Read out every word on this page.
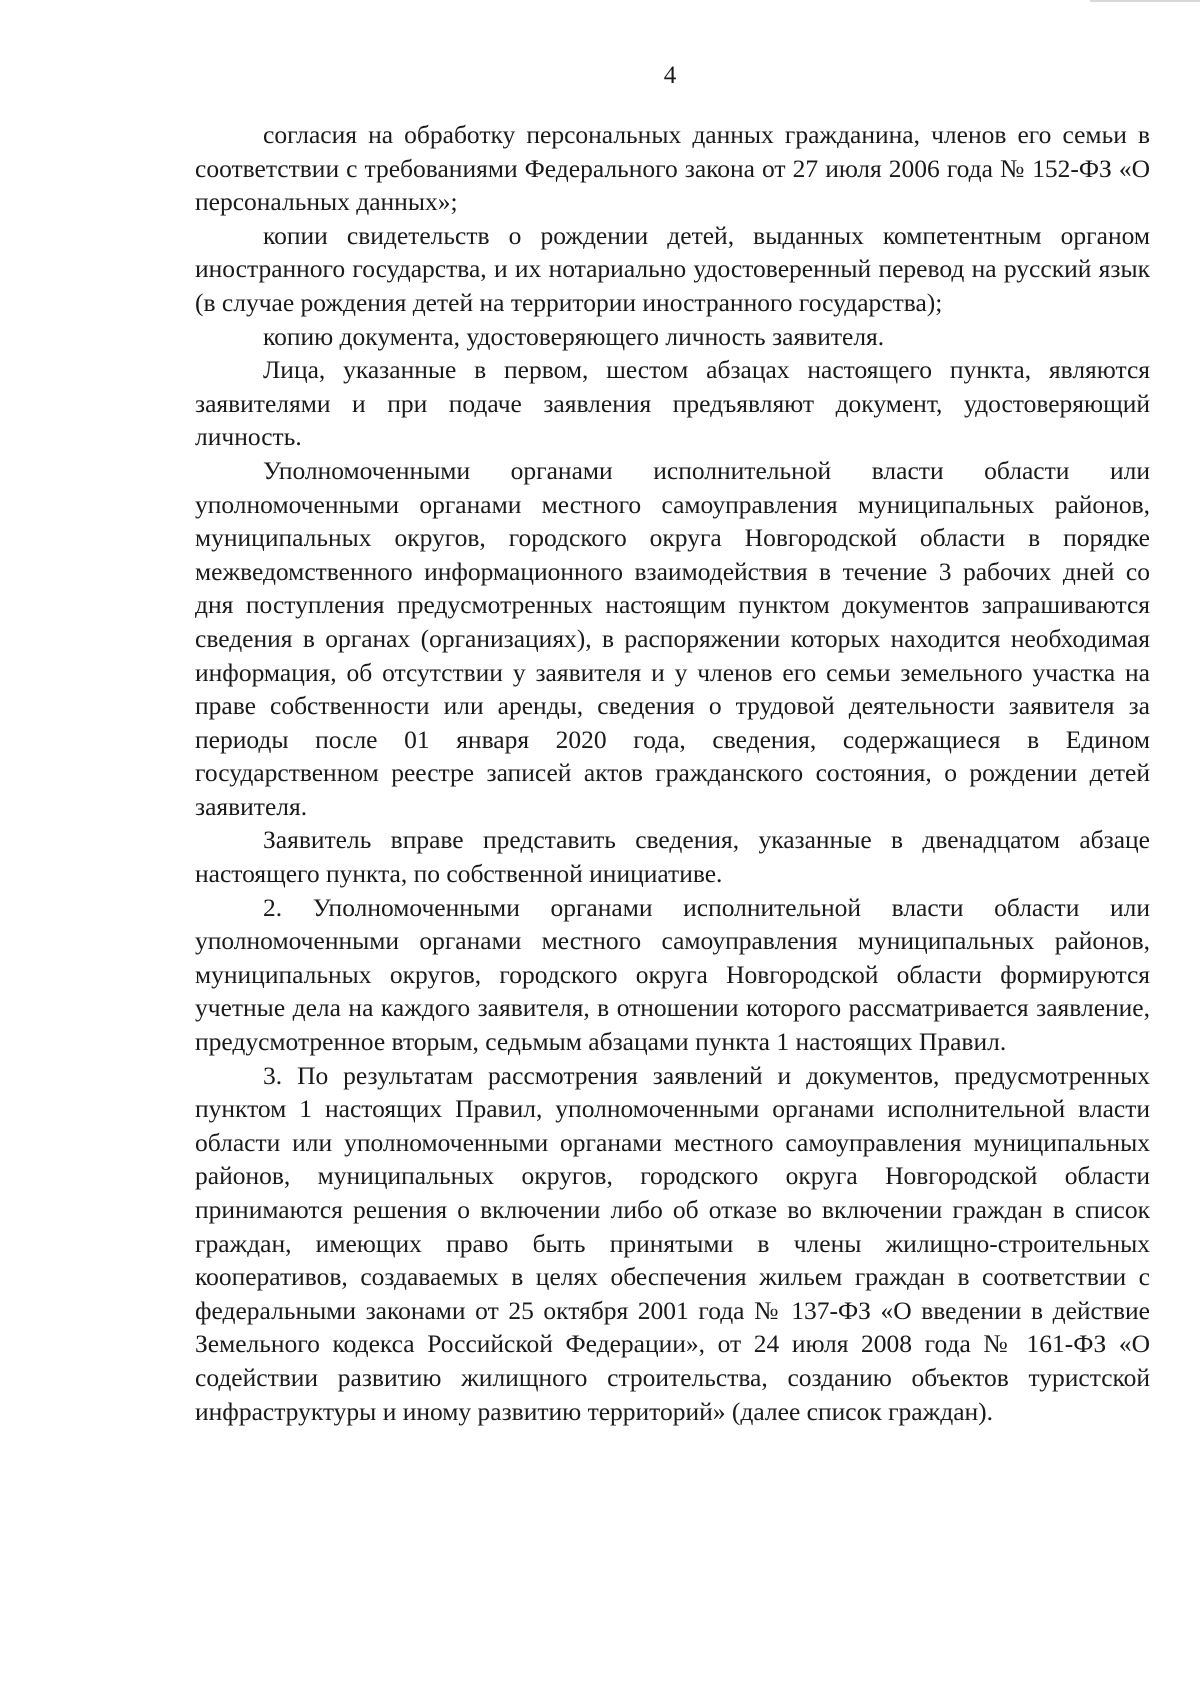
4

согласия на обработку персональных данных гражданина, членов его семьи в соответствии с требованиями Федерального закона от 27 июля 2006 года № 152-ФЗ «О персональных данных»;

копии свидетельств о рождении детей, выданных компетентным органом иностранного государства, и их нотариально удостоверенный перевод на русский язык (в случае рождения детей на территории иностранного государства);

копию документа, удостоверяющего личность заявителя.

Лица, указанные в первом, шестом абзацах настоящего пункта, являются заявителями и при подаче заявления предъявляют документ, удостоверяющий личность.

Уполномоченными органами исполнительной власти области или уполномоченными органами местного самоуправления муниципальных районов, муниципальных округов, городского округа Новгородской области в порядке межведомственного информационного взаимодействия в течение 3 рабочих дней со дня поступления предусмотренных настоящим пунктом документов запрашиваются сведения в органах (организациях), в распоряжении которых находится необходимая информация, об отсутствии у заявителя и у членов его семьи земельного участка на праве собственности или аренды, сведения о трудовой деятельности заявителя за периоды после 01 января 2020 года, сведения, содержащиеся в Едином государственном реестре записей актов гражданского состояния, о рождении детей заявителя.

Заявитель вправе представить сведения, указанные в двенадцатом абзаце настоящего пункта, по собственной инициативе.

2. Уполномоченными органами исполнительной власти области или уполномоченными органами местного самоуправления муниципальных районов, муниципальных округов, городского округа Новгородской области формируются учетные дела на каждого заявителя, в отношении которого рассматривается заявление, предусмотренное вторым, седьмым абзацами пункта 1 настоящих Правил.

3. По результатам рассмотрения заявлений и документов, предусмотренных пунктом 1 настоящих Правил, уполномоченными органами исполнительной власти области или уполномоченными органами местного самоуправления муниципальных районов, муниципальных округов, городского округа Новгородской области принимаются решения о включении либо об отказе во включении граждан в список граждан, имеющих право быть принятыми в члены жилищно-строительных кооперативов, создаваемых в целях обеспечения жильем граждан в соответствии с федеральными законами от 25 октября 2001 года № 137-ФЗ «О введении в действие Земельного кодекса Российской Федерации», от 24 июля 2008 года № 161-ФЗ «О содействии развитию жилищного строительства, созданию объектов туристской инфраструктуры и иному развитию территорий» (далее список граждан).
